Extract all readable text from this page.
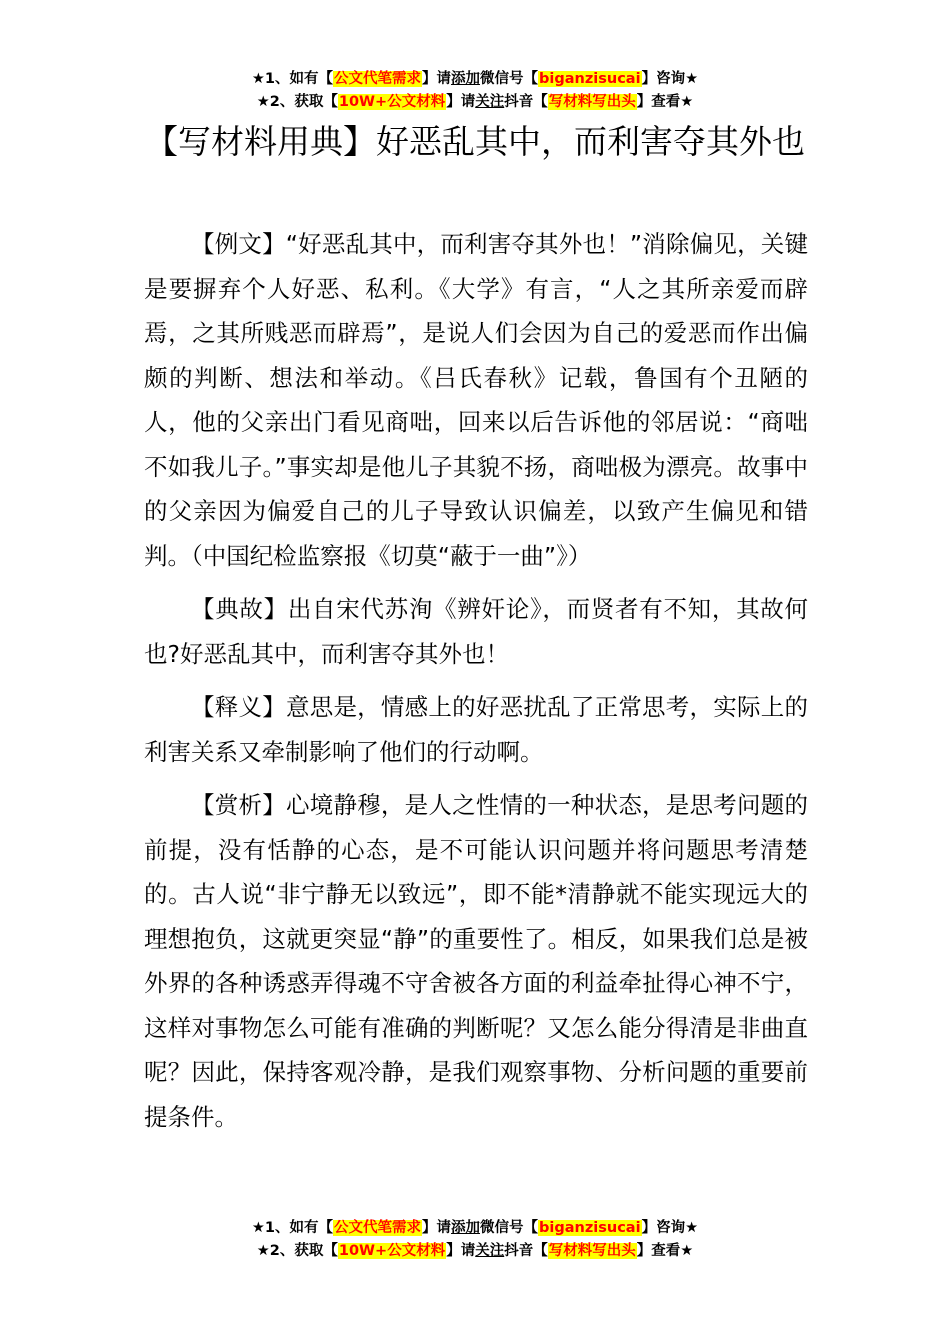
★1、如有【公文代笔需求】请添加微信号【biganzisucai】咨询★
★2、获取【10W+公文材料】请关注抖音【写材料写出头】查看★
【写材料用典】好恶乱其中，而利害夺其外也

【例文】“好恶乱其中，而利害夺其外也！”消除偏见，关键是要摒弃个人好恶、私利。《大学》有言，“人之其所亲爱而辟焉，之其所贱恶而辟焉”，是说人们会因为自己的爱恶而作出偏颇的判断、想法和举动。《吕氏春秋》记载，鲁国有个丑陋的人，他的父亲出门看见商咄，回来以后告诉他的邻居说：“商咄不如我儿子。”事实却是他儿子其貌不扬，商咄极为漂亮。故事中的父亲因为偏爱自己的儿子导致认识偏差，以致产生偏见和错判。（中国纪检监察报《切莫“蔽于一曲”》）

【典故】出自宋代苏洵《辨奸论》，而贤者有不知，其故何也?好恶乱其中，而利害夺其外也！

【释义】意思是，情感上的好恶扰乱了正常思考，实际上的利害关系又牵制影响了他们的行动啊。

【赏析】心境静穆，是人之性情的一种状态，是思考问题的前提，没有恬静的心态，是不可能认识问题并将问题思考清楚的。古人说“非宁静无以致远”，即不能*清静就不能实现远大的理想抱负，这就更突显“静”的重要性了。相反，如果我们总是被外界的各种诱惑弄得魂不守舍被各方面的利益牵扯得心神不宁，这样对事物怎么可能有准确的判断呢？又怎么能分得清是非曲直呢？因此，保持客观冷静，是我们观察事物、分析问题的重要前提条件。

★1、如有【公文代笔需求】请添加微信号【biganzisucai】咨询★
★2、获取【10W+公文材料】请关注抖音【写材料写出头】查看★
